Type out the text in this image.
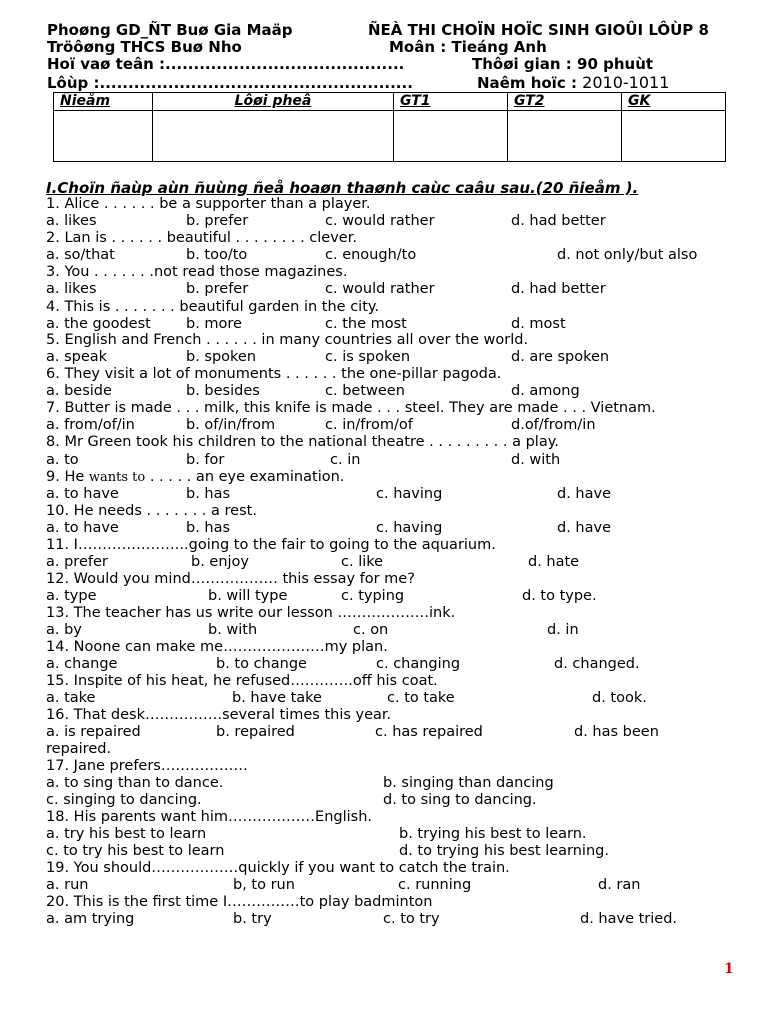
Phoøng GD_ÑT Buø Gia Maäp
Tröôøng THCS Buø Nho
Hoï vaø teân :..........................................
Lôùp :.......................................................
ÑEÀ THI CHOÏN HOÏC SINH GIOÛI LÔÙP 8
Moân : Tieáng Anh
Thôøi gian : 90 phuùt
Naêm hoïc : 2010-1011
Ñieåm	Lôøi pheâ	GT1	GT2	GK

I.Choïn ñaùp aùn ñuùng ñeå hoaøn thaønh caùc caâu sau.(20 ñieåm ).
1. Alice . . . . . . be a supporter than a player.
a. likes	b. prefer	c. would rather	d. had better
2. Lan is . . . . . . beautiful . . . . . . . . clever.
a. so/that	b. too/to	c. enough/to	d. not only/but also
3. You . . . . . . .not read those magazines.
a. likes	b. prefer	c. would rather	d. had better
4. This is . . . . . . . beautiful garden in the city.
a. the goodest b. more	c. the most	d. most
5. English and French . . . . . . in many countries all over the world.
a. speak	b. spoken	c. is spoken	d. are spoken
6. They visit a lot of monuments . . . . . . the one-pillar pagoda.
a. beside	b. besides	c. between	d. among
7. Butter is made . . . milk, this knife is made . . . steel. They are made . . . Vietnam.
a. from/of/in	b. of/in/from	c. in/from/of	d.of/from/in
8. Mr Green took his children to the national theatre . . . . . . . . . a play.
a. to	b. for	c. in	d. with
9. He wants to . . . . . an eye examination.
a. to have	b. has	c. having	d. have
10. He needs . . . . . . . a rest.
a. to have	b. has	c. having	d. have
11. I…………………..going to the fair to going to the aquarium.
a. prefer	b. enjoy	c. like	d. hate
12. Would you mind……………… this essay for me?
a. type	b. will type	c. typing	d. to type.
13. The teacher has us write our lesson ……………….ink.
a. by	b. with	c. on	d. in
14. Noone can make me…………………my plan.
a. change	b. to change	c. changing	d. changed.
15. Inspite of his heat, he refused………….off his coat.
a. take	b. have take	c. to take	d. took.
16. That desk…………….several times this year.
a. is repaired	b. repaired	c. has repaired	d. has been
repaired.
17. Jane prefers………………
a. to sing than to dance.	b. singing than dancing
c. singing to dancing.	d. to sing to dancing.
18. His parents want him………………English.
a. try his best to learn	b. trying his best to learn.
c. to try his best to learn	d. to trying his best learning.
19. You should………………quickly if you want to catch the train.
a. run	b, to run	c. running	d. ran
20. This is the first time I……………to play badminton
a. am trying	b. try	c. to try	d. have tried.
1
